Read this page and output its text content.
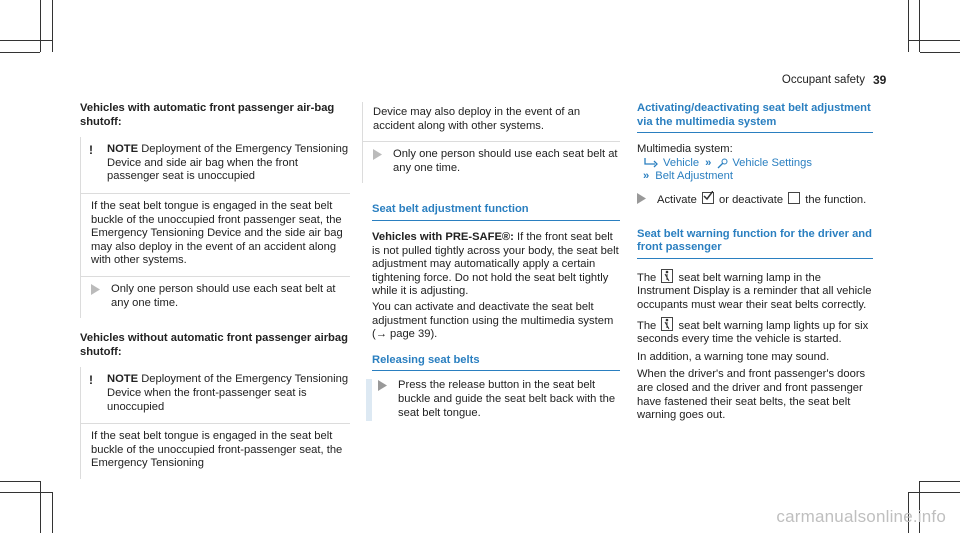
Occupant safety 39

Vehicles with automatic front passenger air-bag shutoff:

!	NOTE Deployment of the Emergency Tensioning Device and side air bag when the front passenger seat is unoccupied

If the seat belt tongue is engaged in the seat belt buckle of the unoccupied front passenger seat, the Emergency Tensioning Device and the side air bag may also deploy in the event of an accident along with other systems.

Only one person should use each seat belt at any one time.

Vehicles without automatic front passenger airbag shutoff:

!	NOTE Deployment of the Emergency Tensioning Device when the front-passenger seat is unoccupied

If the seat belt tongue is engaged in the seat belt buckle of the unoccupied front-passenger seat, the Emergency Tensioning

Device may also deploy in the event of an accident along with other systems.

Only one person should use each seat belt at any one time.

Seat belt adjustment function

Vehicles with PRE-SAFE®: If the front seat belt is not pulled tightly across your body, the seat belt adjustment may automatically apply a certain tightening force. Do not hold the seat belt tightly while it is adjusting.

You can activate and deactivate the seat belt adjustment function using the multimedia system (→ page 39).

Releasing seat belts

Press the release button in the seat belt buckle and guide the seat belt back with the seat belt tongue.

Activating/deactivating seat belt adjustment via the multimedia system

Multimedia system:

Vehicle » Vehicle Settings
» Belt Adjustment

Activate or deactivate the function.

Seat belt warning function for the driver and front passenger

The seat belt warning lamp in the Instrument Display is a reminder that all vehicle occupants must wear their seat belts correctly.

The seat belt warning lamp lights up for six seconds every time the vehicle is started.

In addition, a warning tone may sound.

When the driver's and front passenger's doors are closed and the driver and front passenger have fastened their seat belts, the seat belt warning goes out.

carmanualsonline.info
